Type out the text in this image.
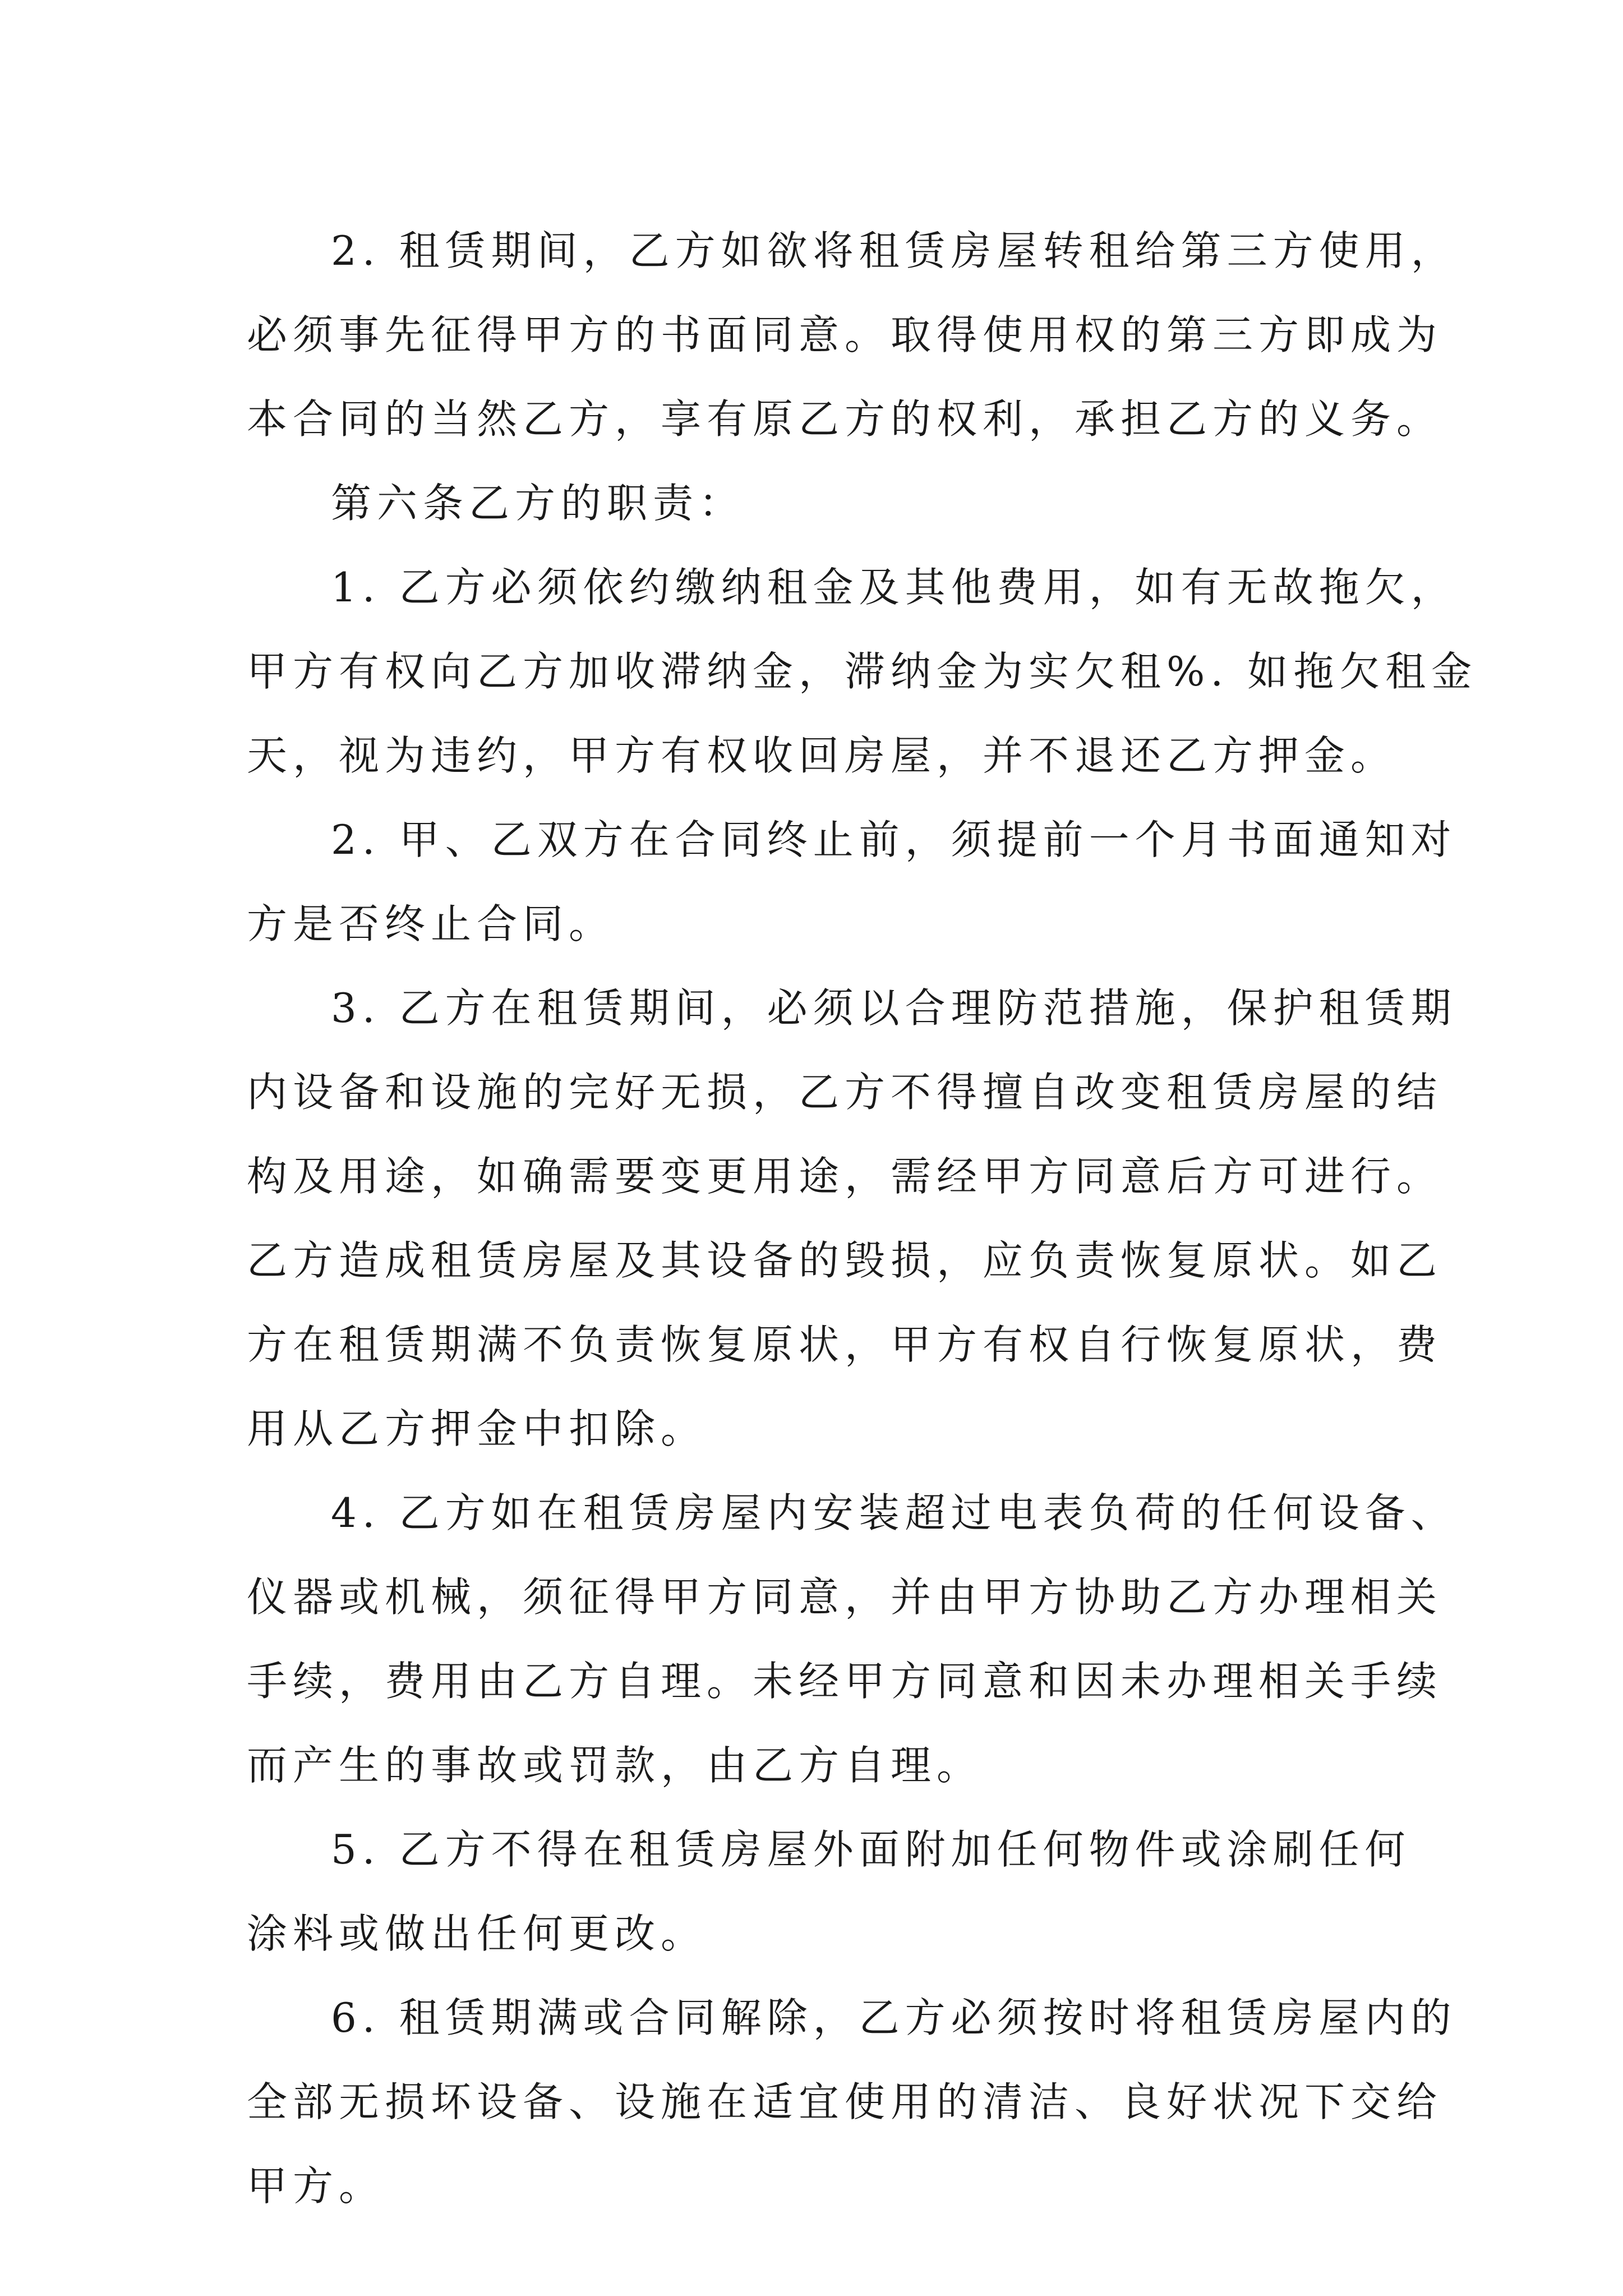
2. 租赁期间，乙方如欲将租赁房屋转租给第三方使用，
必须事先征得甲方的书面同意。取得使用权的第三方即成为
本合同的当然乙方，享有原乙方的权利，承担乙方的义务。
第六条乙方的职责：
1. 乙方必须依约缴纳租金及其他费用，如有无故拖欠，
甲方有权向乙方加收滞纳金，滞纳金为实欠租%. 如拖欠租金
天，视为违约，甲方有权收回房屋，并不退还乙方押金。
2. 甲、乙双方在合同终止前，须提前一个月书面通知对
方是否终止合同。
3. 乙方在租赁期间，必须以合理防范措施，保护租赁期
内设备和设施的完好无损，乙方不得擅自改变租赁房屋的结
构及用途，如确需要变更用途，需经甲方同意后方可进行。
乙方造成租赁房屋及其设备的毁损，应负责恢复原状。如乙
方在租赁期满不负责恢复原状，甲方有权自行恢复原状，费
用从乙方押金中扣除。
4. 乙方如在租赁房屋内安装超过电表负荷的任何设备、
仪器或机械，须征得甲方同意，并由甲方协助乙方办理相关
手续，费用由乙方自理。未经甲方同意和因未办理相关手续
而产生的事故或罚款，由乙方自理。
5. 乙方不得在租赁房屋外面附加任何物件或涂刷任何
涂料或做出任何更改。
6. 租赁期满或合同解除，乙方必须按时将租赁房屋内的
全部无损坏设备、设施在适宜使用的清洁、良好状况下交给
甲方。
